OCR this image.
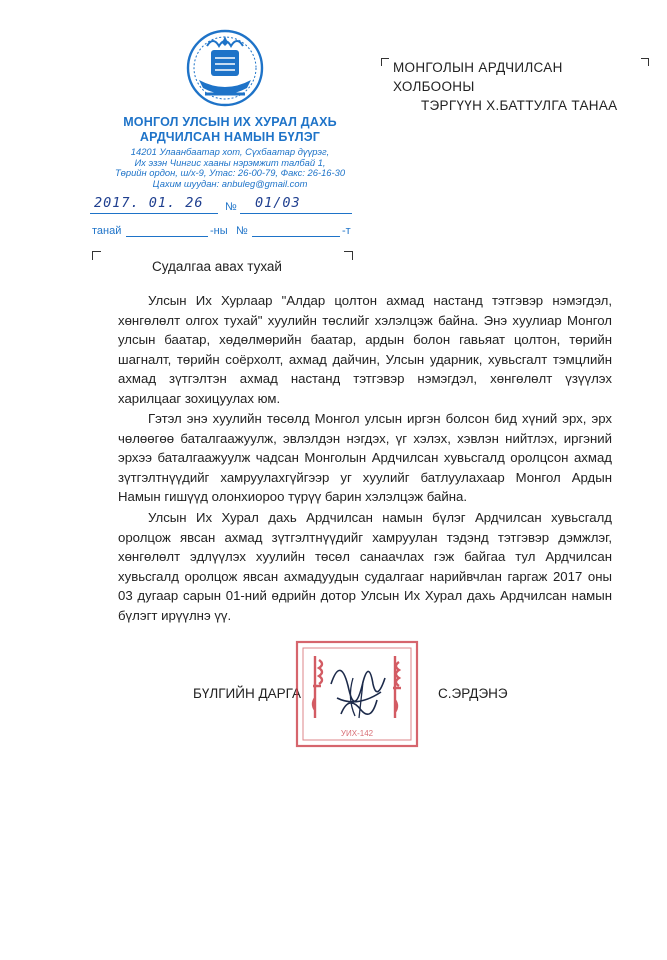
МОНГОЛ УЛСЫН ИХ ХУРАЛ ДАХЬ
АРДЧИЛСАН НАМЫН БҮЛЭГ
14201 Улаанбаатар хот, Сүхбаатар дүүрэг,
Их эзэн Чингис хааны нэрэмжит талбай 1,
Төрийн ордон, ш/х-9, Утас: 26-00-79, Факс: 26-16-30
Цахим шуудан: anbuleg@gmail.com
2017. 01. 26 № 01/03
танай	-ны №	-т
МОНГОЛЫН АРДЧИЛСАН ХОЛБООНЫ
ТЭРГҮҮН Х.БАТТУЛГА ТАНАА
Судалгаа авах тухай

Улсын Их Хурлаар "Алдар цолтон ахмад настанд тэтгэвэр нэмэгдэл, хөнгөлөлт олгох тухай" хуулийн төслийг хэлэлцэж байна. Энэ хуулиар Монгол улсын баатар, хөдөлмөрийн баатар, ардын болон гавьяат цолтон, төрийн шагналт, төрийн соёрхолт, ахмад дайчин, Улсын ударник, хувьсгалт тэмцлийн ахмад зүтгэлтэн ахмад настанд тэтгэвэр нэмэгдэл, хөнгөлөлт үзүүлэх харилцааг зохицуулах юм.

Гэтэл энэ хуулийн төсөлд Монгол улсын иргэн болсон бид хүний эрх, эрх чөлөөгөө баталгаажуулж, эвлэлдэн нэгдэх, үг хэлэх, хэвлэн нийтлэх, иргэний эрхээ баталгаажуулж чадсан Монголын Ардчилсан хувьсгалд оролцсон ахмад зүтгэлтнүүдийг хамруулахгүйгээр уг хуулийг батлуулахаар Монгол Ардын Намын гишүүд олонхиороо түрүү барин хэлэлцэж байна.

Улсын Их Хурал дахь Ардчилсан намын бүлэг Ардчилсан хувьсгалд оролцож явсан ахмад зүтгэлтнүүдийг хамруулан тэдэнд тэтгэвэр дэмжлэг, хөнгөлөлт эдлүүлэх хуулийн төсөл санаачлах гэж байгаа тул Ардчилсан хувьсгалд оролцож явсан ахмадуудын судалгааг нарийвчлан гаргаж 2017 оны 03 дугаар сарын 01-ний өдрийн дотор Улсын Их Хурал дахь Ардчилсан намын бүлэгт ирүүлнэ үү.

БҮЛГИЙН ДАРГА	С.ЭРДЭНЭ
УИХ-142
